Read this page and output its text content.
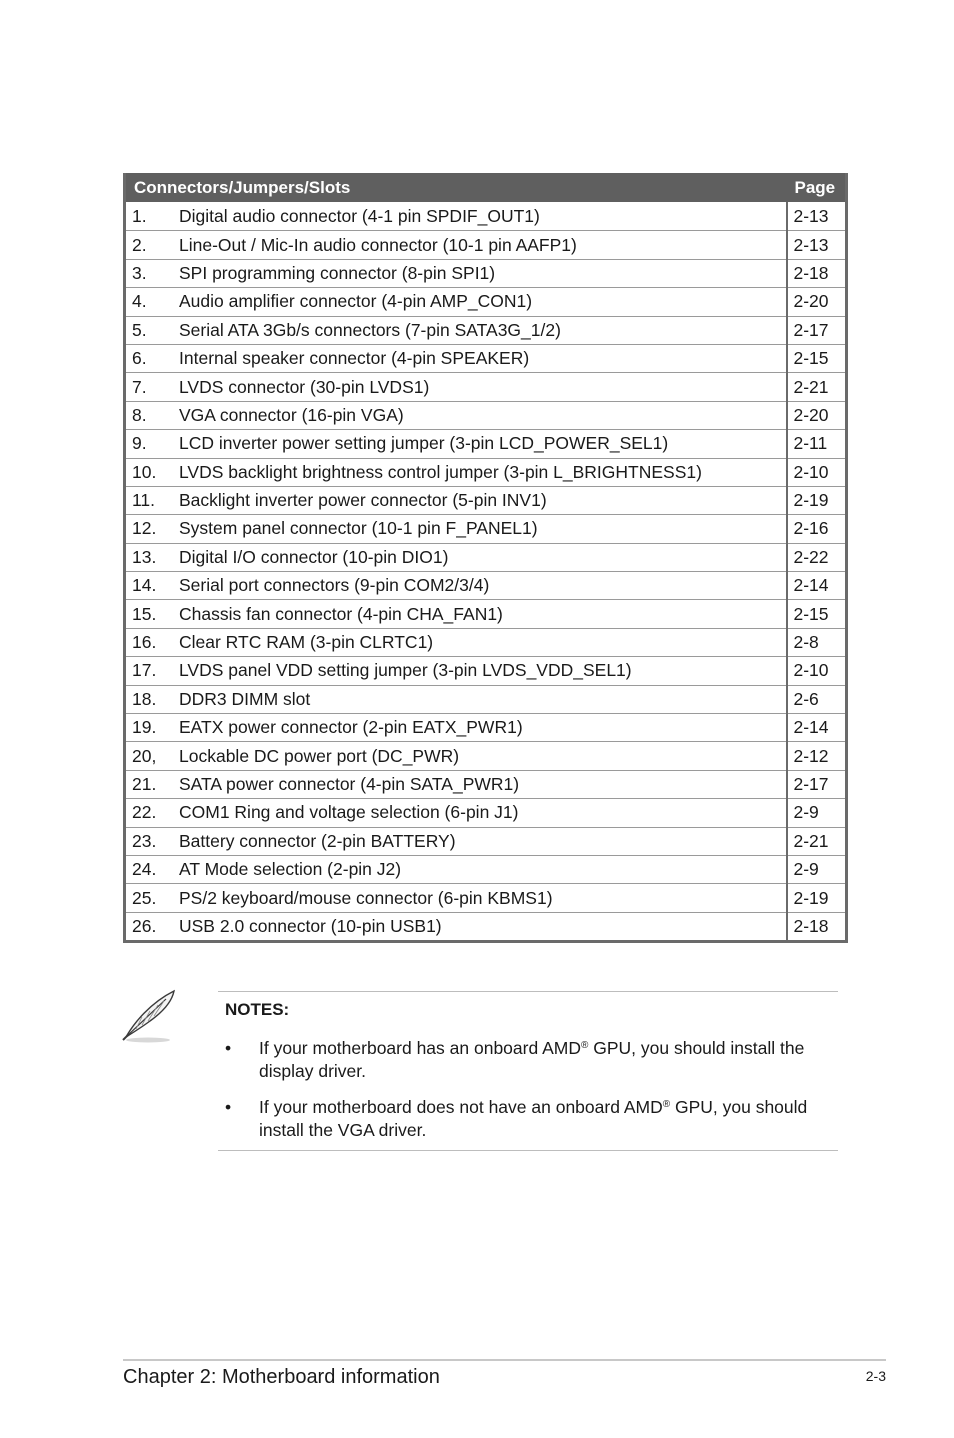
Connectors/Jumpers/Slots	Page
1. Digital audio connector (4-1 pin SPDIF_OUT1)	2-13
2. Line-Out / Mic-In audio connector (10-1 pin AAFP1)	2-13
3. SPI programming connector (8-pin SPI1)	2-18
4. Audio amplifier connector (4-pin AMP_CON1)	2-20
5. Serial ATA 3Gb/s connectors (7-pin SATA3G_1/2)	2-17
6. Internal speaker connector (4-pin SPEAKER)	2-15
7. LVDS connector (30-pin LVDS1)	2-21
8. VGA connector (16-pin VGA)	2-20
9. LCD inverter power setting jumper (3-pin LCD_POWER_SEL1)	2-11
10. LVDS backlight brightness control jumper (3-pin L_BRIGHTNESS1)	2-10
11. Backlight inverter power connector (5-pin INV1)	2-19
12. System panel connector (10-1 pin F_PANEL1)	2-16
13. Digital I/O connector (10-pin DIO1)	2-22
14. Serial port connectors (9-pin COM2/3/4)	2-14
15. Chassis fan connector (4-pin CHA_FAN1)	2-15
16. Clear RTC RAM (3-pin CLRTC1)	2-8
17. LVDS panel VDD setting jumper (3-pin LVDS_VDD_SEL1)	2-10
18. DDR3 DIMM slot	2-6
19. EATX power connector (2-pin EATX_PWR1)	2-14
20, Lockable DC power port (DC_PWR)	2-12
21. SATA power connector (4-pin SATA_PWR1)	2-17
22. COM1 Ring and voltage selection (6-pin J1)	2-9
23. Battery connector (2-pin BATTERY)	2-21
24. AT Mode selection (2-pin J2)	2-9
25. PS/2 keyboard/mouse connector (6-pin KBMS1)	2-19
26. USB 2.0 connector (10-pin USB1)	2-18
NOTES:
• If your motherboard has an onboard AMD® GPU, you should install the display driver.
• If your motherboard does not have an onboard AMD® GPU, you should install the VGA driver.
Chapter 2: Motherboard information	2-3
